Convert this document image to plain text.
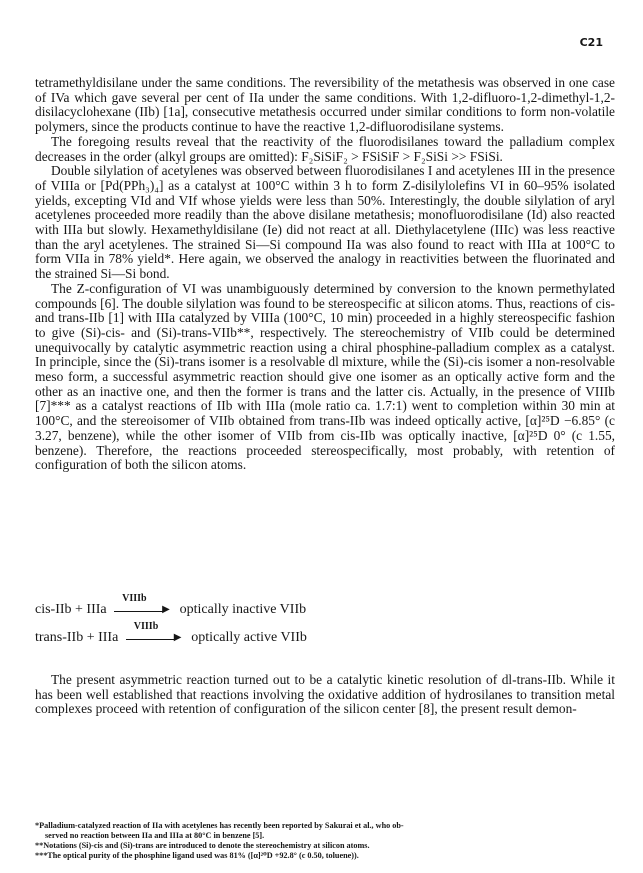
C21

tetramethyldisilane under the same conditions. The reversibility of the metathesis was observed in one case of IVa which gave several per cent of IIa under the same conditions. With 1,2-difluoro-1,2-dimethyl-1,2-disilacyclohexane (IIb) [1a], consecutive metathesis occurred under similar conditions to form non-volatile polymers, since the products continue to have the reactive 1,2-difluorodisilane systems.

The foregoing results reveal that the reactivity of the fluorodisilanes toward the palladium complex decreases in the order (alkyl groups are omitted): F₂SiSiF₂ > FSiSiF > F₂SiSi >> FSiSi.

Double silylation of acetylenes was observed between fluorodisilanes I and acetylenes III in the presence of VIIIa or [Pd(PPh₃)₄] as a catalyst at 100°C within 3 h to form Z-disilylolefins VI in 60–95% isolated yields, excepting VId and VIf whose yields were less than 50%. Interestingly, the double silylation of aryl acetylenes proceeded more readily than the above disilane metathesis; monofluorodisilane (Id) also reacted with IIIa but slowly. Hexamethyldisilane (Ie) did not react at all. Diethylacetylene (IIIc) was less reactive than the aryl acetylenes. The strained Si—Si compound IIa was also found to react with IIIa at 100°C to form VIIa in 78% yield*. Here again, we observed the analogy in reactivities between the fluorinated and the strained Si—Si bond.

The Z-configuration of VI was unambiguously determined by conversion to the known permethylated compounds [6]. The double silylation was found to be stereospecific at silicon atoms. Thus, reactions of cis- and trans-IIb [1] with IIIa catalyzed by VIIIa (100°C, 10 min) proceeded in a highly stereospecific fashion to give (Si)-cis- and (Si)-trans-VIIb**, respectively. The stereochemistry of VIIb could be determined unequivocally by catalytic asymmetric reaction using a chiral phosphine-palladium complex as a catalyst. In principle, since the (Si)-trans isomer is a resolvable dl mixture, while the (Si)-cis isomer a non-resolvable meso form, a successful asymmetric reaction should give one isomer as an optically active form and the other as an inactive one, and then the former is trans and the latter cis. Actually, in the presence of VIIIb [7]*** as a catalyst reactions of IIb with IIIa (mole ratio ca. 1.7:1) went to completion within 30 min at 100°C, and the stereoisomer of VIIb obtained from trans-IIb was indeed optically active, [α]²⁵D −6.85° (c 3.27, benzene), while the other isomer of VIIb from cis-IIb was optically inactive, [α]²⁵D 0° (c 1.55, benzene). Therefore, the reactions proceeded stereospecifically, most probably, with retention of configuration of both the silicon atoms.

cis-IIb + IIIa
VIIIb
▶ optically inactive VIIb
trans-IIb + IIIa
VIIIb
▶ optically active VIIb

The present asymmetric reaction turned out to be a catalytic kinetic resolution of dl-trans-IIb. While it has been well established that reactions involving the oxidative addition of hydrosilanes to transition metal complexes proceed with retention of configuration of the silicon center [8], the present result demon-

*Palladium-catalyzed reaction of IIa with acetylenes has recently been reported by Sakurai et al., who ob-
served no reaction between IIa and IIIa at 80°C in benzene [5].
**Notations (Si)-cis and (Si)-trans are introduced to denote the stereochemistry at silicon atoms.
***The optical purity of the phosphine ligand used was 81% ([α]²⁰D +92.8° (c 0.50, toluene)).
